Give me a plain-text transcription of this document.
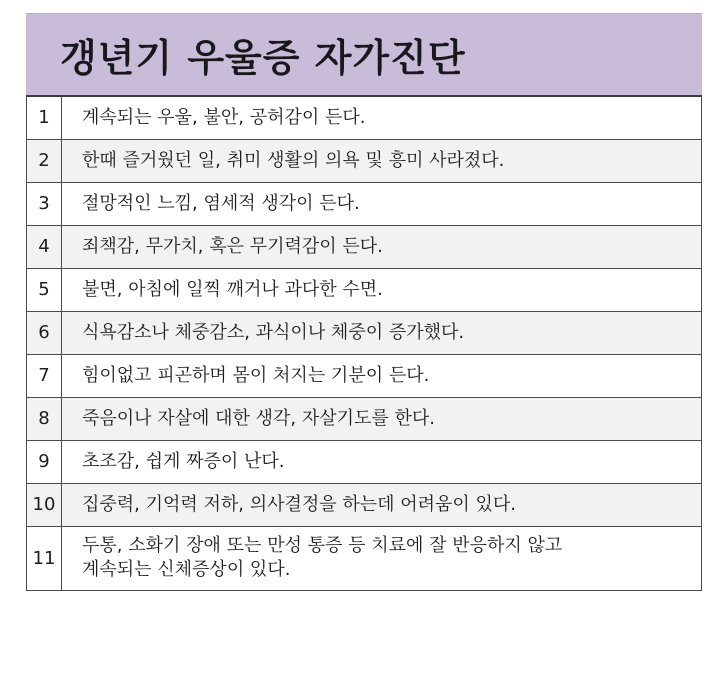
갱년기 우울증 자가진단
1	계속되는 우울, 불안, 공허감이 든다.
2	한때 즐거웠던 일, 취미 생활의 의욕 및 흥미 사라졌다.
3	절망적인 느낌, 염세적 생각이 든다.
4	죄책감, 무가치, 혹은 무기력감이 든다.
5	불면, 아침에 일찍 깨거나 과다한 수면.
6	식욕감소나 체중감소, 과식이나 체중이 증가했다.
7	힘이없고 피곤하며 몸이 처지는 기분이 든다.
8	죽음이나 자살에 대한 생각, 자살기도를 한다.
9	초조감, 쉽게 짜증이 난다.
10	집중력, 기억력 저하, 의사결정을 하는데 어려움이 있다.
11	두통, 소화기 장애 또는 만성 통증 등 치료에 잘 반응하지 않고
계속되는 신체증상이 있다.
